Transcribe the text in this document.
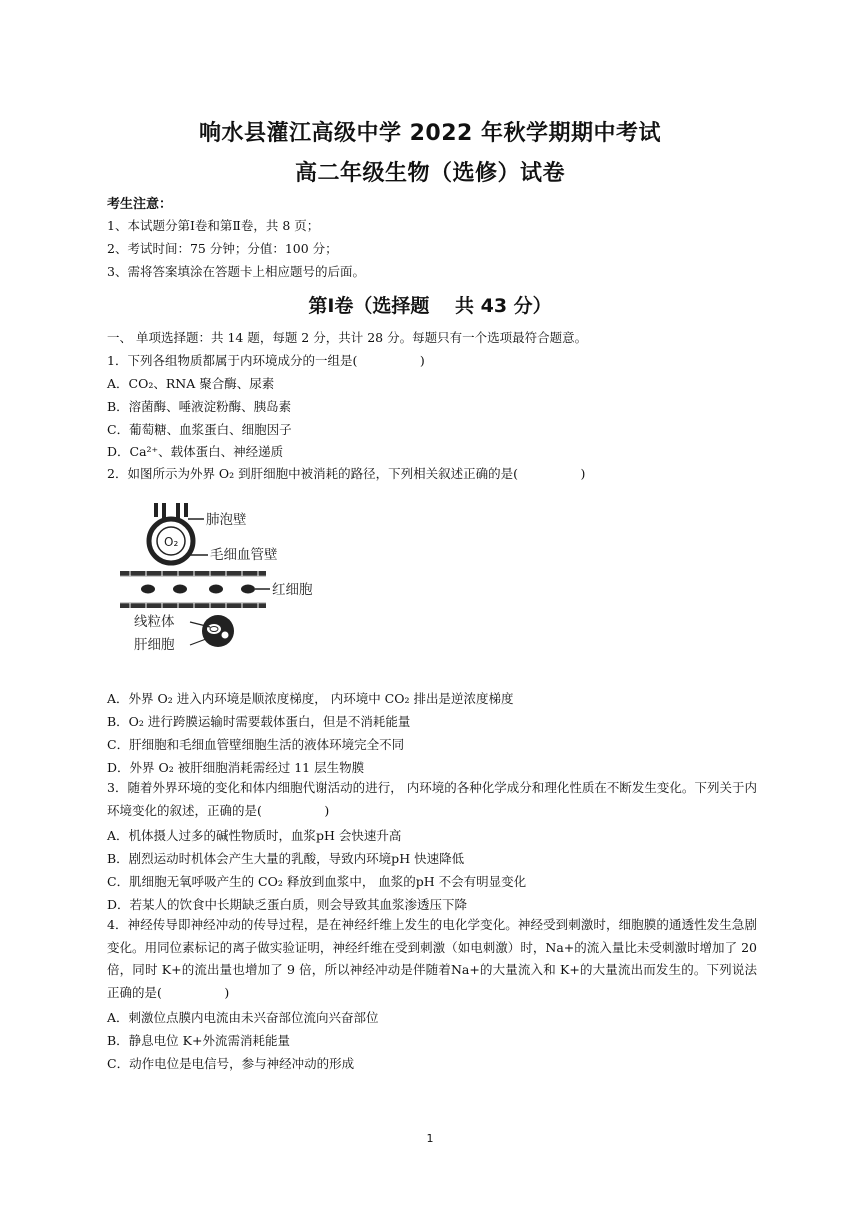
响水县灌江高级中学 2022 年秋学期期中考试
高二年级生物（选修）试卷
考生注意：
1、本试题分第Ⅰ卷和第Ⅱ卷，共 8 页；
2、考试时间：75 分钟；分值：100 分；
3、需将答案填涂在答题卡上相应题号的后面。
第Ⅰ卷（选择题　 共 43 分）
一、 单项选择题：共 14 题，每题 2 分，共计 28 分。每题只有一个选项最符合题意。
1．下列各组物质都属于内环境成分的一组是(　　　　　)
A．CO₂、RNA 聚合酶、尿素
B．溶菌酶、唾液淀粉酶、胰岛素
C．葡萄糖、血浆蛋白、细胞因子
D．Ca²⁺、载体蛋白、神经递质
2．如图所示为外界 O₂ 到肝细胞中被消耗的路径，下列相关叙述正确的是(　　　　　)
O₂
肺泡壁
毛细血管壁
红细胞
线粒体
肝细胞
A．外界 O₂ 进入内环境是顺浓度梯度， 内环境中 CO₂ 排出是逆浓度梯度
B．O₂ 进行跨膜运输时需要载体蛋白，但是不消耗能量
C．肝细胞和毛细血管壁细胞生活的液体环境完全不同
D．外界 O₂ 被肝细胞消耗需经过 11 层生物膜
3．随着外界环境的变化和体内细胞代谢活动的进行， 内环境的各种化学成分和理化性质在不断发生变化。下列关于内环境变化的叙述，正确的是(　　　　　)
A．机体摄人过多的碱性物质时，血浆pH 会快速升高
B．剧烈运动时机体会产生大量的乳酸，导致内环境pH 快速降低
C．肌细胞无氧呼吸产生的 CO₂ 释放到血浆中， 血浆的pH 不会有明显变化
D．若某人的饮食中长期缺乏蛋白质，则会导致其血浆渗透压下降
4．神经传导即神经冲动的传导过程，是在神经纤维上发生的电化学变化。神经受到刺激时，细胞膜的通透性发生急剧变化。用同位素标记的离子做实验证明，神经纤维在受到刺激（如电刺激）时，Na+的流入量比未受刺激时增加了 20 倍，同时 K+的流出量也增加了 9 倍，所以神经冲动是伴随着Na+的大量流入和 K+的大量流出而发生的。下列说法正确的是(　　　　　)
A．刺激位点膜内电流由未兴奋部位流向兴奋部位
B．静息电位 K+外流需消耗能量
C．动作电位是电信号，参与神经冲动的形成
1
